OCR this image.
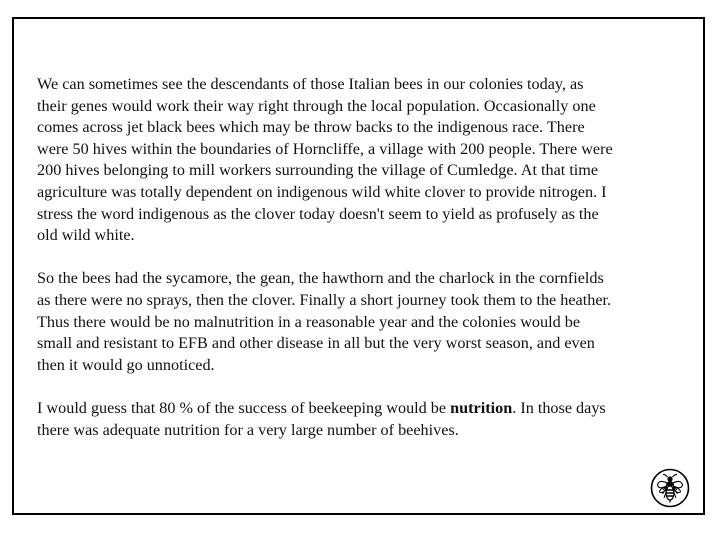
We can sometimes see the descendants of those Italian bees in our colonies today, as
their genes would work their way right through the local population. Occasionally one
comes across jet black bees which may be throw backs to the indigenous race. There
were 50 hives within the boundaries of Horncliffe, a village with 200 people. There were
200 hives belonging to mill workers surrounding the village of Cumledge. At that time
agriculture was totally dependent on indigenous wild white clover to provide nitrogen. I
stress the word indigenous as the clover today doesn't seem to yield as profusely as the
old wild white.

So the bees had the sycamore, the gean, the hawthorn and the charlock in the cornfields
as there were no sprays, then the clover. Finally a short journey took them to the heather.
Thus there would be no malnutrition in a reasonable year and the colonies would be
small and resistant to EFB and other disease in all but the very worst season, and even
then it would go unnoticed.

I would guess that 80 % of the success of beekeeping would be nutrition. In those days
there was adequate nutrition for a very large number of beehives.
